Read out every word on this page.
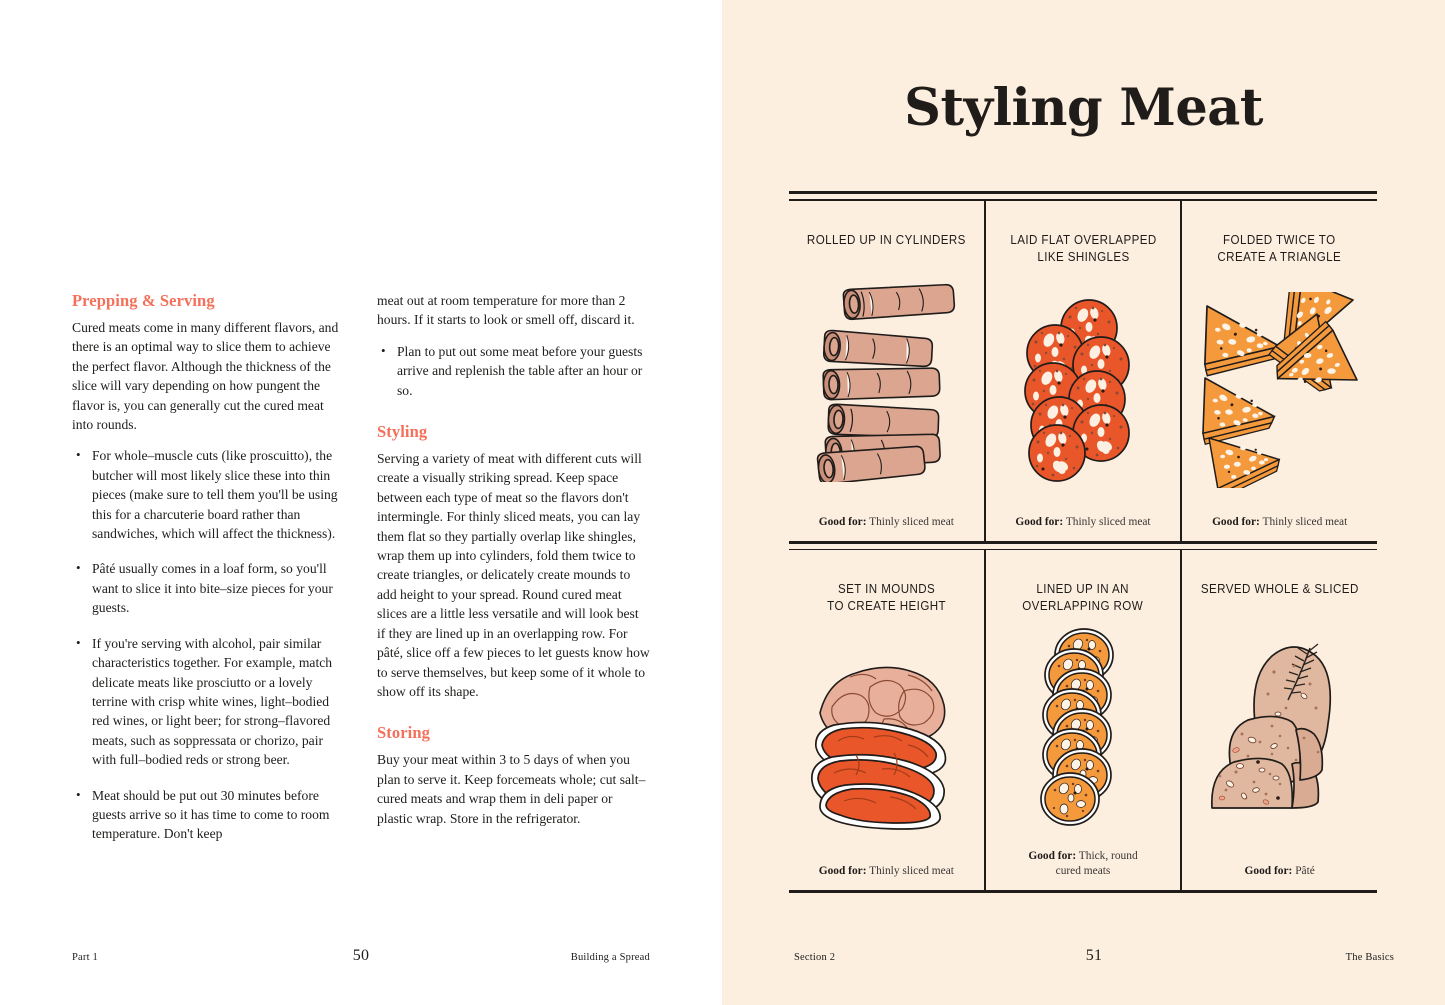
Prepping & Serving

Cured meats come in many different flavors, and there is an optimal way to slice them to achieve the perfect flavor. Although the thickness of the slice will vary depending on how pungent the flavor is, you can generally cut the cured meat into rounds.

• For whole–muscle cuts (like proscuitto), the butcher will most likely slice these into thin pieces (make sure to tell them you'll be using this for a charcuterie board rather than sandwiches, which will affect the thickness).
• Pâté usually comes in a loaf form, so you'll want to slice it into bite–size pieces for your guests.
• If you're serving with alcohol, pair similar characteristics together. For example, match delicate meats like prosciutto or a lovely terrine with crisp white wines, light–bodied red wines, or light beer; for strong–flavored meats, such as soppressata or chorizo, pair with full–bodied reds or strong beer.
• Meat should be put out 30 minutes before guests arrive so it has time to come to room temperature. Don't keep

meat out at room temperature for more than 2 hours. If it starts to look or smell off, discard it.

• Plan to put out some meat before your guests arrive and replenish the table after an hour or so.
Styling

Serving a variety of meat with different cuts will create a visually striking spread. Keep space between each type of meat so the flavors don't intermingle. For thinly sliced meats, you can lay them flat so they partially overlap like shingles, wrap them up into cylinders, fold them twice to create triangles, or delicately create mounds to add height to your spread. Round cured meat slices are a little less versatile and will look best if they are lined up in an overlapping row. For pâté, slice off a few pieces to let guests know how to serve themselves, but keep some of it whole to show off its shape.

Storing

Buy your meat within 3 to 5 days of when you plan to serve it. Keep forcemeats whole; cut salt–cured meats and wrap them in deli paper or plastic wrap. Store in the refrigerator.

Part 1	50	Building a Spread
Styling Meat
ROLLED UP IN CYLINDERS
Good for: Thinly sliced meat
LAID FLAT OVERLAPPED
LIKE SHINGLES
Good for: Thinly sliced meat
FOLDED TWICE TO
CREATE A TRIANGLE
Good for: Thinly sliced meat
SET IN MOUNDS
TO CREATE HEIGHT
Good for: Thinly sliced meat
LINED UP IN AN
OVERLAPPING ROW
Good for: Thick, round
cured meats
SERVED WHOLE & SLICED
Good for: Pâté
Section 2	51	The Basics
